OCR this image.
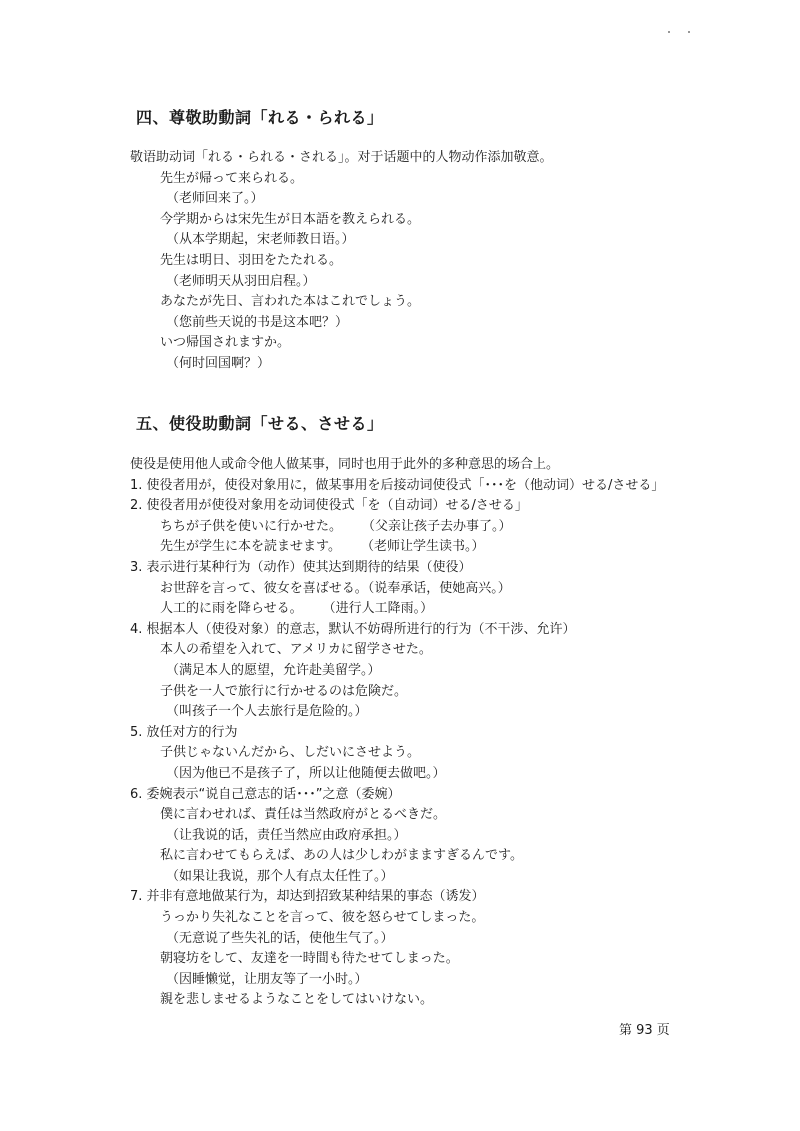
四、尊敬助動詞「れる・られる」
敬语助动词「れる・られる・される」。对于话题中的人物动作添加敬意。
先生が帰って来られる。
（老师回来了。）
今学期からは宋先生が日本語を教えられる。
（从本学期起，宋老师教日语。）
先生は明日、羽田をたたれる。
（老师明天从羽田启程。）
あなたが先日、言われた本はこれでしょう。
（您前些天说的书是这本吧？）
いつ帰国されますか。
（何时回国啊？）
五、使役助動詞「せる、させる」
使役是使用他人或命令他人做某事，同时也用于此外的多种意思的场合上。
1. 使役者用が，使役对象用に，做某事用を后接动词使役式「･･･を（他动词）せる/させる」
2. 使役者用が使役对象用を动词使役式「を（自动词）せる/させる」
ちちが子供を使いに行かせた。 （父亲让孩子去办事了。）
先生が学生に本を読ませます。 （老师让学生读书。）
3. 表示进行某种行为（动作）使其达到期待的结果（使役）
お世辞を言って、彼女を喜ばせる。（说奉承话，使她高兴。）
人工的に雨を降らせる。 （进行人工降雨。）
4. 根据本人（使役对象）的意志，默认不妨碍所进行的行为（不干涉、允许）
本人の希望を入れて、アメリカに留学させた。
（满足本人的愿望，允许赴美留学。）
子供を一人で旅行に行かせるのは危険だ。
（叫孩子一个人去旅行是危险的。）
5. 放任对方的行为
子供じゃないんだから、しだいにさせよう。
（因为他已不是孩子了，所以让他随便去做吧。）
6. 委婉表示“说自己意志的话･･･”之意（委婉）
僕に言わせれば、責任は当然政府がとるべきだ。
（让我说的话，责任当然应由政府承担。）
私に言わせてもらえば、あの人は少しわがまますぎるんです。
（如果让我说，那个人有点太任性了。）
7. 并非有意地做某行为，却达到招致某种结果的事态（诱发）
うっかり失礼なことを言って、彼を怒らせてしまった。
（无意说了些失礼的话，使他生气了。）
朝寝坊をして、友達を一時間も待たせてしまった。
（因睡懒觉，让朋友等了一小时。）
親を悲しませるようなことをしてはいけない。
第 93 页
